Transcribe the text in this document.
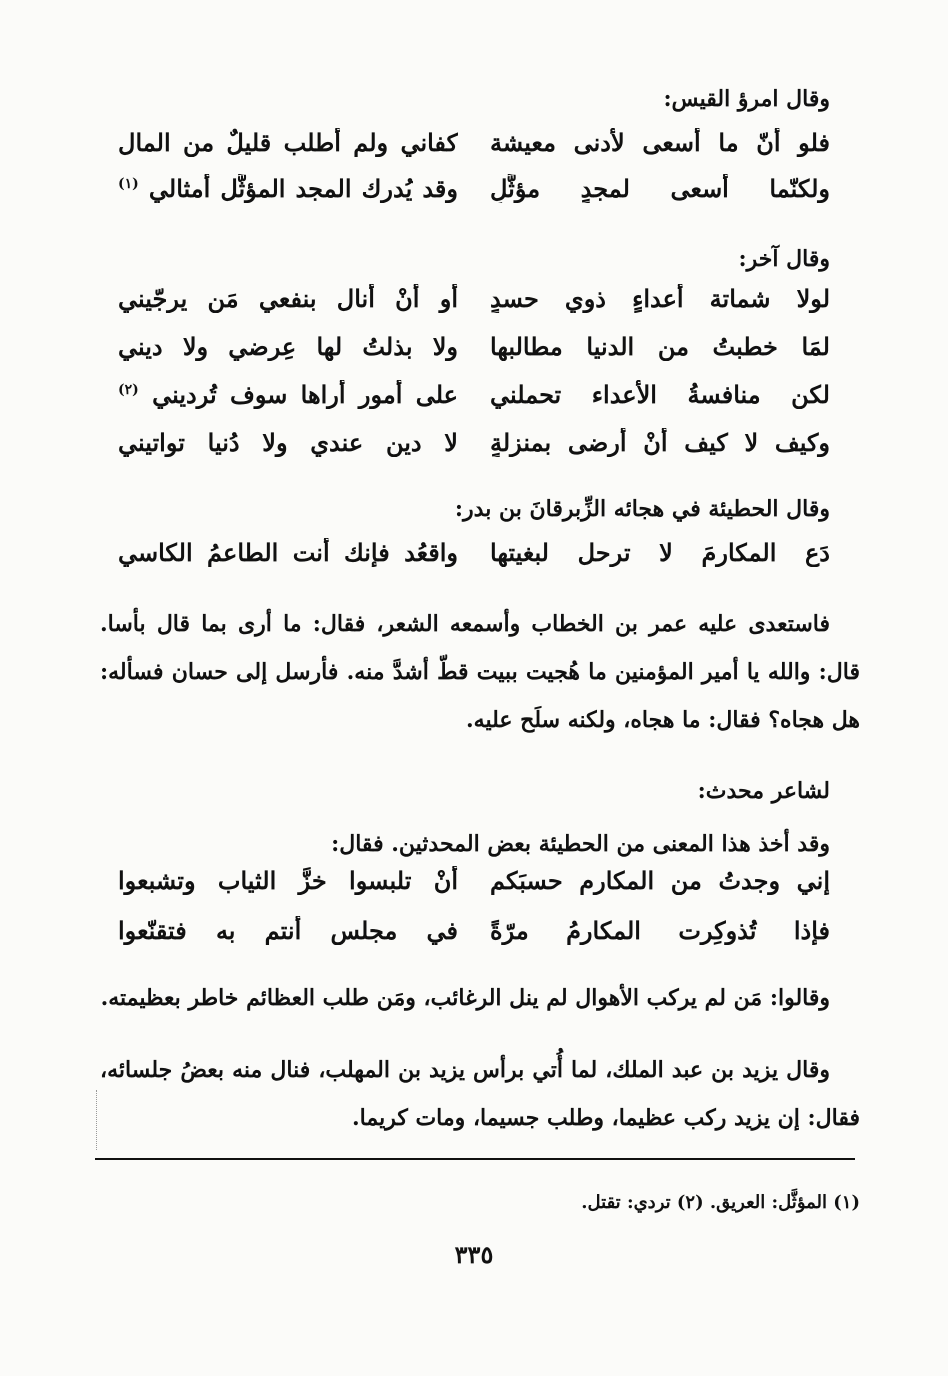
وقال امرؤ القيس:
فلو أنّ ما أسعى لأدنى معيشة
كفاني ولم أطلب قليلٌ من المال
ولكنّما أسعى لمجدٍ مؤثَّلٍ
وقد يُدرك المجد المؤثَّل أمثالي $^{(١)}$
وقال آخر:
لولا شماتة أعداءٍ ذوي حسدٍ
أو أنْ أنال بنفعي مَن يرجّيني
لمَا خطبتُ من الدنيا مطالبها
ولا بذلتُ لها عِرضي ولا ديني
لكن منافسةُ الأعداء تحملني
على أمورٍ أراها سوف تُرديني $^{(٢)}$
وكيف لا كيف أنْ أرضى بمنزلةٍ
لا دين عندي ولا دُنيا تواتيني
وقال الحطيئة في هجائه الزِّبرقانَ بن بدر:
دَعِ المكارمَ لا ترحل لبغيتها
واقعُد فإنك أنت الطاعمُ الكاسي
فاستعدى عليه عمر بن الخطاب وأسمعه الشعر، فقال: ما أرى بما قال بأسا. قال: والله يا أمير المؤمنين ما هُجيت ببيت قطّ أشدَّ منه. فأرسل إلى حسان فسأله: هل هجاه؟ فقال: ما هجاه، ولكنه سلَح عليه.
لشاعر محدث:
وقد أخذ هذا المعنى من الحطيئة بعض المحدثين. فقال:
إني وجدتُ من المكارم حسبَكم
أنْ تلبسوا خزَّ الثياب وتشبعوا
فإذا تُذوكِرت المكارمُ مرّةً
في مجلسٍ أنتم به فتقنّعوا
وقالوا: مَن لم يركب الأهوال لم ينل الرغائب، ومَن طلب العظائم خاطر بعظيمته.
وقال يزيد بن عبد الملك، لما أُتي برأس يزيد بن المهلب، فنال منه بعضُ جلسائه، فقال: إن يزيد ركب عظيما، وطلب جسيما، ومات كريما.
(١) المؤثَّل: العريق. (٢) تردي: تقتل.
٣٣٥
